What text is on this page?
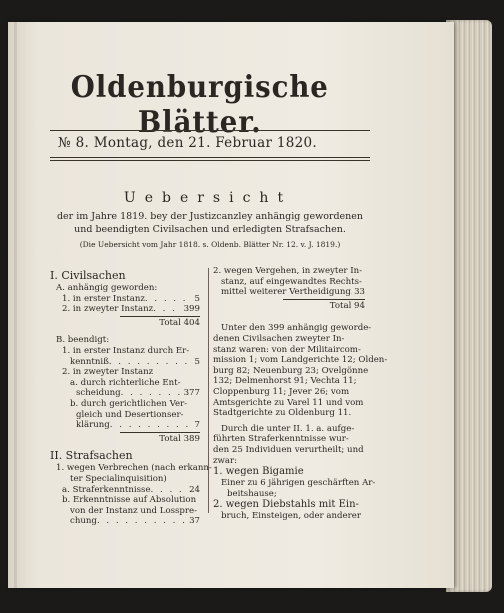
Oldenburgische Blätter.
№ 8. Montag, den 21. Februar 1820.
Uebersicht
der im Jahre 1819. bey der Justizcanzley anhängig gewordenen
und beendigten Civilsachen und erledigten Strafsachen.
(Die Uebersicht vom Jahr 1818. s. Oldenb. Blätter Nr. 12. v. J. 1819.)
I. Civilsachen
A. anhängig geworden:
1. in erster Instanz . . .	5
2. in zweyter Instanz . . .	399
Total 404
B. beendigt:
1. in erster Instanz durch Er-
kenntniß . . .	5
2. in zweyter Instanz
a. durch richterliche Ent-
scheidung . . .	377
b. durch gerichtlichen Ver-
gleich und Desertionser-
klärung . . .	7
Total 389
II. Strafsachen
1. wegen Verbrechen (nach erkann-
ter Specialinquisition)
a. Straferkenntnisse . . .	24
b. Erkenntnisse auf Absolution
von der Instanz und Losspre-
chung . . .	37
2. wegen Vergehen, in zweyter In-
stanz, auf eingewandtes Rechts-
mittel weiterer Vertheidigung . . . 33
Total 94
Unter den 399 anhängig geworde-
denen Civilsachen zweyter In-
stanz waren: von der Militaircom-
mission 1; vom Landgerichte 12; Olden-
burg 82; Neuenburg 23; Ovelgönne
132; Delmenhorst 91; Vechta 11;
Cloppenburg 11; Jever 26; vom
Amtsgerichte zu Varel 11 und vom
Stadtgerichte zu Oldenburg 11.
Durch die unter II. 1. a. aufge-
führten Straferkenntnisse wur-
den 25 Individuen verurtheilt; und
zwar:
1. wegen Bigamie
Einer zu 6 jährigen geschärften Ar-
beitshause;
2. wegen Diebstahls mit Ein-
bruch, Einsteigen, oder anderer
